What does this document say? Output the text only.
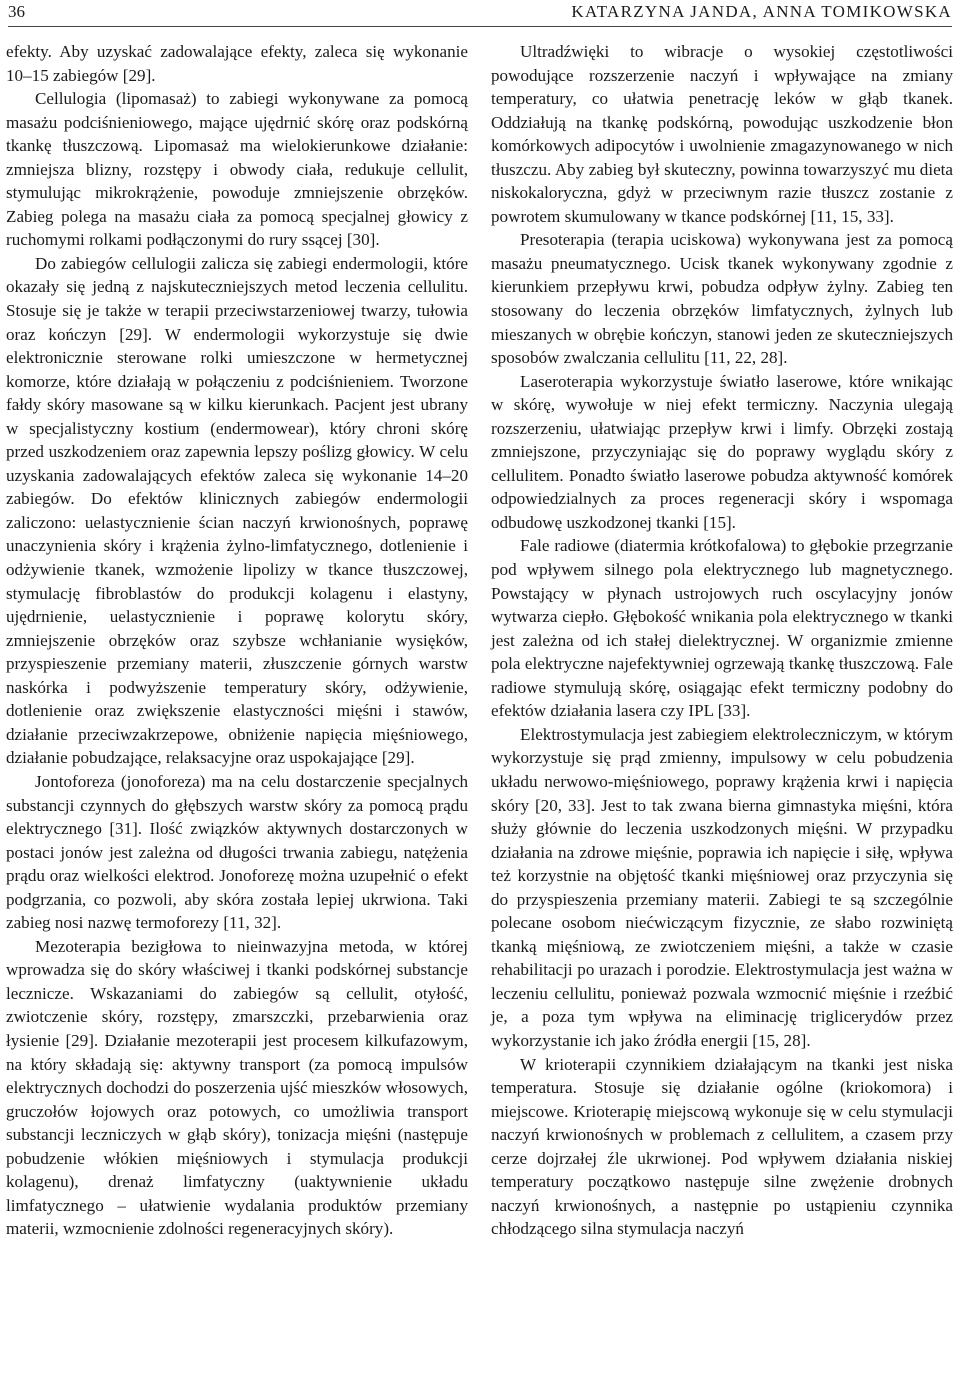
36	KATARZYNA JANDA, ANNA TOMIKOWSKA

efekty. Aby uzyskać zadowalające efekty, zaleca się wykonanie 10–15 zabiegów [29].

Cellulogia (lipomasaż) to zabiegi wykonywane za pomocą masażu podciśnieniowego, mające ujędrnić skórę oraz podskórną tkankę tłuszczową. Lipomasaż ma wielokierunkowe działanie: zmniejsza blizny, rozstępy i obwody ciała, redukuje cellulit, stymulując mikrokrążenie, powoduje zmniejszenie obrzęków. Zabieg polega na masażu ciała za pomocą specjalnej głowicy z ruchomymi rolkami podłączonymi do rury ssącej [30].

Do zabiegów cellulogii zalicza się zabiegi endermologii, które okazały się jedną z najskuteczniejszych metod leczenia cellulitu. Stosuje się je także w terapii przeciwstarzeniowej twarzy, tułowia oraz kończyn [29]. W endermologii wykorzystuje się dwie elektronicznie sterowane rolki umieszczone w hermetycznej komorze, które działają w połączeniu z podciśnieniem. Tworzone fałdy skóry masowane są w kilku kierunkach. Pacjent jest ubrany w specjalistyczny kostium (endermowear), który chroni skórę przed uszkodzeniem oraz zapewnia lepszy poślizg głowicy. W celu uzyskania zadowalających efektów zaleca się wykonanie 14–20 zabiegów. Do efektów klinicznych zabiegów endermologii zaliczono: uelastycznienie ścian naczyń krwionośnych, poprawę unaczynienia skóry i krążenia żylno-limfatycznego, dotlenienie i odżywienie tkanek, wzmożenie lipolizy w tkance tłuszczowej, stymulację fibroblastów do produkcji kolagenu i elastyny, ujędrnienie, uelastycznienie i poprawę kolorytu skóry, zmniejszenie obrzęków oraz szybsze wchłanianie wysięków, przyspieszenie przemiany materii, złuszczenie górnych warstw naskórka i podwyższenie temperatury skóry, odżywienie, dotlenienie oraz zwiększenie elastyczności mięśni i stawów, działanie przeciwzakrzepowe, obniżenie napięcia mięśniowego, działanie pobudzające, relaksacyjne oraz uspokajające [29].

Jontoforeza (jonoforeza) ma na celu dostarczenie specjalnych substancji czynnych do głębszych warstw skóry za pomocą prądu elektrycznego [31]. Ilość związków aktywnych dostarczonych w postaci jonów jest zależna od długości trwania zabiegu, natężenia prądu oraz wielkości elektrod. Jonoforezę można uzupełnić o efekt podgrzania, co pozwoli, aby skóra została lepiej ukrwiona. Taki zabieg nosi nazwę termoforezy [11, 32].

Mezoterapia bezigłowa to nieinwazyjna metoda, w której wprowadza się do skóry właściwej i tkanki podskórnej substancje lecznicze. Wskazaniami do zabiegów są cellulit, otyłość, zwiotczenie skóry, rozstępy, zmarszczki, przebarwienia oraz łysienie [29]. Działanie mezoterapii jest procesem kilkufazowym, na który składają się: aktywny transport (za pomocą impulsów elektrycznych dochodzi do poszerzenia ujść mieszków włosowych, gruczołów łojowych oraz potowych, co umożliwia transport substancji leczniczych w głąb skóry), tonizacja mięśni (następuje pobudzenie włókien mięśniowych i stymulacja produkcji kolagenu), drenaż limfatyczny (uaktywnienie układu limfatycznego – ułatwienie wydalania produktów przemiany materii, wzmocnienie zdolności regeneracyjnych skóry).

Ultradźwięki to wibracje o wysokiej częstotliwości powodujące rozszerzenie naczyń i wpływające na zmiany temperatury, co ułatwia penetrację leków w głąb tkanek. Oddziałują na tkankę podskórną, powodując uszkodzenie błon komórkowych adipocytów i uwolnienie zmagazynowanego w nich tłuszczu. Aby zabieg był skuteczny, powinna towarzyszyć mu dieta niskokaloryczna, gdyż w przeciwnym razie tłuszcz zostanie z powrotem skumulowany w tkance podskórnej [11, 15, 33].

Presoterapia (terapia uciskowa) wykonywana jest za pomocą masażu pneumatycznego. Ucisk tkanek wykonywany zgodnie z kierunkiem przepływu krwi, pobudza odpływ żylny. Zabieg ten stosowany do leczenia obrzęków limfatycznych, żylnych lub mieszanych w obrębie kończyn, stanowi jeden ze skuteczniejszych sposobów zwalczania cellulitu [11, 22, 28].

Laseroterapia wykorzystuje światło laserowe, które wnikając w skórę, wywołuje w niej efekt termiczny. Naczynia ulegają rozszerzeniu, ułatwiając przepływ krwi i limfy. Obrzęki zostają zmniejszone, przyczyniając się do poprawy wyglądu skóry z cellulitem. Ponadto światło laserowe pobudza aktywność komórek odpowiedzialnych za proces regeneracji skóry i wspomaga odbudowę uszkodzonej tkanki [15].

Fale radiowe (diatermia krótkofalowa) to głębokie przegrzanie pod wpływem silnego pola elektrycznego lub magnetycznego. Powstający w płynach ustrojowych ruch oscylacyjny jonów wytwarza ciepło. Głębokość wnikania pola elektrycznego w tkanki jest zależna od ich stałej dielektrycznej. W organizmie zmienne pola elektryczne najefektywniej ogrzewają tkankę tłuszczową. Fale radiowe stymulują skórę, osiągając efekt termiczny podobny do efektów działania lasera czy IPL [33].

Elektrostymulacja jest zabiegiem elektroleczniczym, w którym wykorzystuje się prąd zmienny, impulsowy w celu pobudzenia układu nerwowo-mięśniowego, poprawy krążenia krwi i napięcia skóry [20, 33]. Jest to tak zwana bierna gimnastyka mięśni, która służy głównie do leczenia uszkodzonych mięśni. W przypadku działania na zdrowe mięśnie, poprawia ich napięcie i siłę, wpływa też korzystnie na objętość tkanki mięśniowej oraz przyczynia się do przyspieszenia przemiany materii. Zabiegi te są szczególnie polecane osobom niećwiczącym fizycznie, ze słabo rozwiniętą tkanką mięśniową, ze zwiotczeniem mięśni, a także w czasie rehabilitacji po urazach i porodzie. Elektrostymulacja jest ważna w leczeniu cellulitu, ponieważ pozwala wzmocnić mięśnie i rzeźbić je, a poza tym wpływa na eliminację triglicerydów przez wykorzystanie ich jako źródła energii [15, 28].

W krioterapii czynnikiem działającym na tkanki jest niska temperatura. Stosuje się działanie ogólne (kriokomora) i miejscowe. Krioterapię miejscową wykonuje się w celu stymulacji naczyń krwionośnych w problemach z cellulitem, a czasem przy cerze dojrzałej źle ukrwionej. Pod wpływem działania niskiej temperatury początkowo następuje silne zwężenie drobnych naczyń krwionośnych, a następnie po ustąpieniu czynnika chłodzącego silna stymulacja naczyń
